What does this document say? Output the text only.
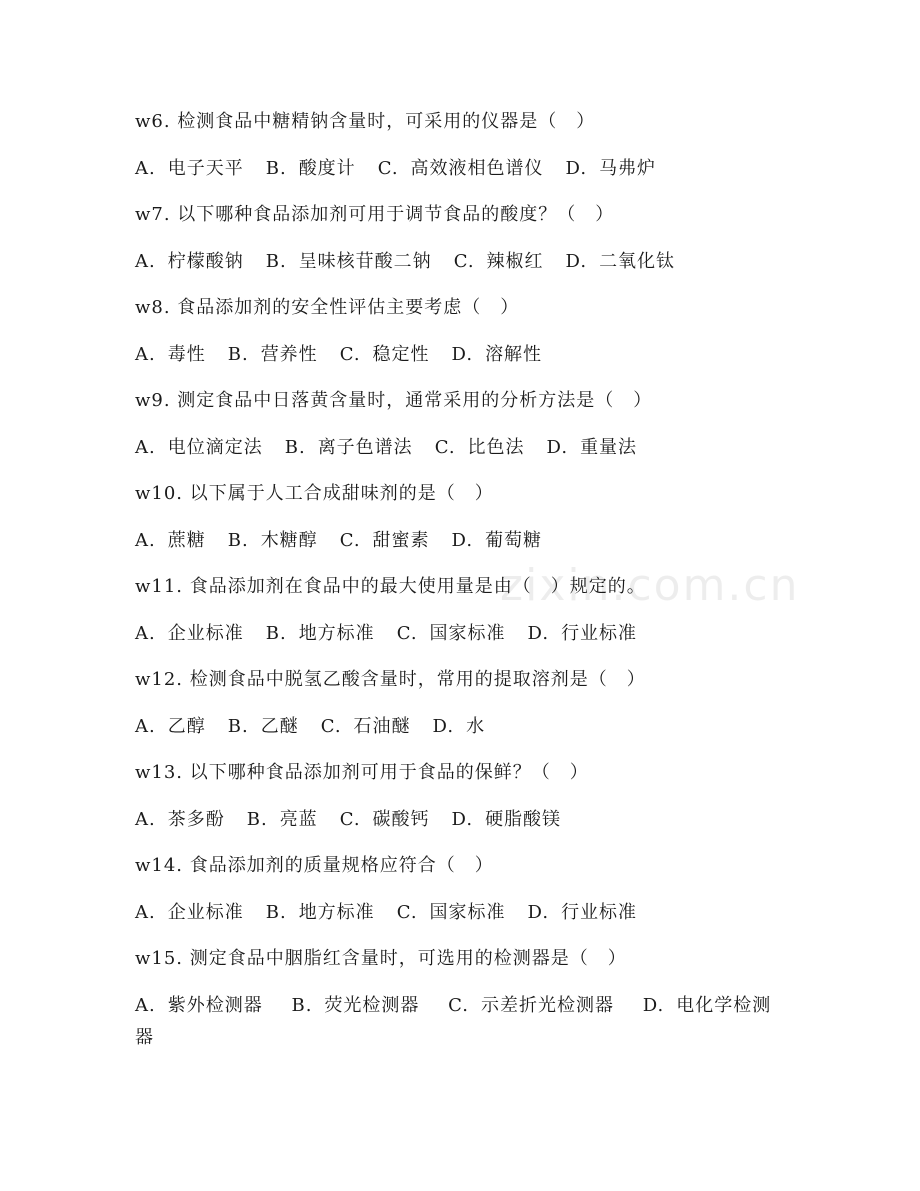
zixin.com.cn
w6. 检测食品中糖精钠含量时，可采用的仪器是（　）
A. 电子天平 B. 酸度计 C. 高效液相色谱仪 D. 马弗炉
w7. 以下哪种食品添加剂可用于调节食品的酸度？（　）
A. 柠檬酸钠 B. 呈味核苷酸二钠 C. 辣椒红 D. 二氧化钛
w8. 食品添加剂的安全性评估主要考虑（　）
A. 毒性 B. 营养性 C. 稳定性 D. 溶解性
w9. 测定食品中日落黄含量时，通常采用的分析方法是（　）
A. 电位滴定法 B. 离子色谱法 C. 比色法 D. 重量法
w10. 以下属于人工合成甜味剂的是（　）
A. 蔗糖 B. 木糖醇 C. 甜蜜素 D. 葡萄糖
w11. 食品添加剂在食品中的最大使用量是由（　）规定的。
A. 企业标准 B. 地方标准 C. 国家标准 D. 行业标准
w12. 检测食品中脱氢乙酸含量时，常用的提取溶剂是（　）
A. 乙醇 B. 乙醚 C. 石油醚 D. 水
w13. 以下哪种食品添加剂可用于食品的保鲜？（　）
A. 茶多酚 B. 亮蓝 C. 碳酸钙 D. 硬脂酸镁
w14. 食品添加剂的质量规格应符合（　）
A. 企业标准 B. 地方标准 C. 国家标准 D. 行业标准
w15. 测定食品中胭脂红含量时，可选用的检测器是（　）
A. 紫外检测器 B. 荧光检测器 C. 示差折光检测器 D. 电化学检测器
